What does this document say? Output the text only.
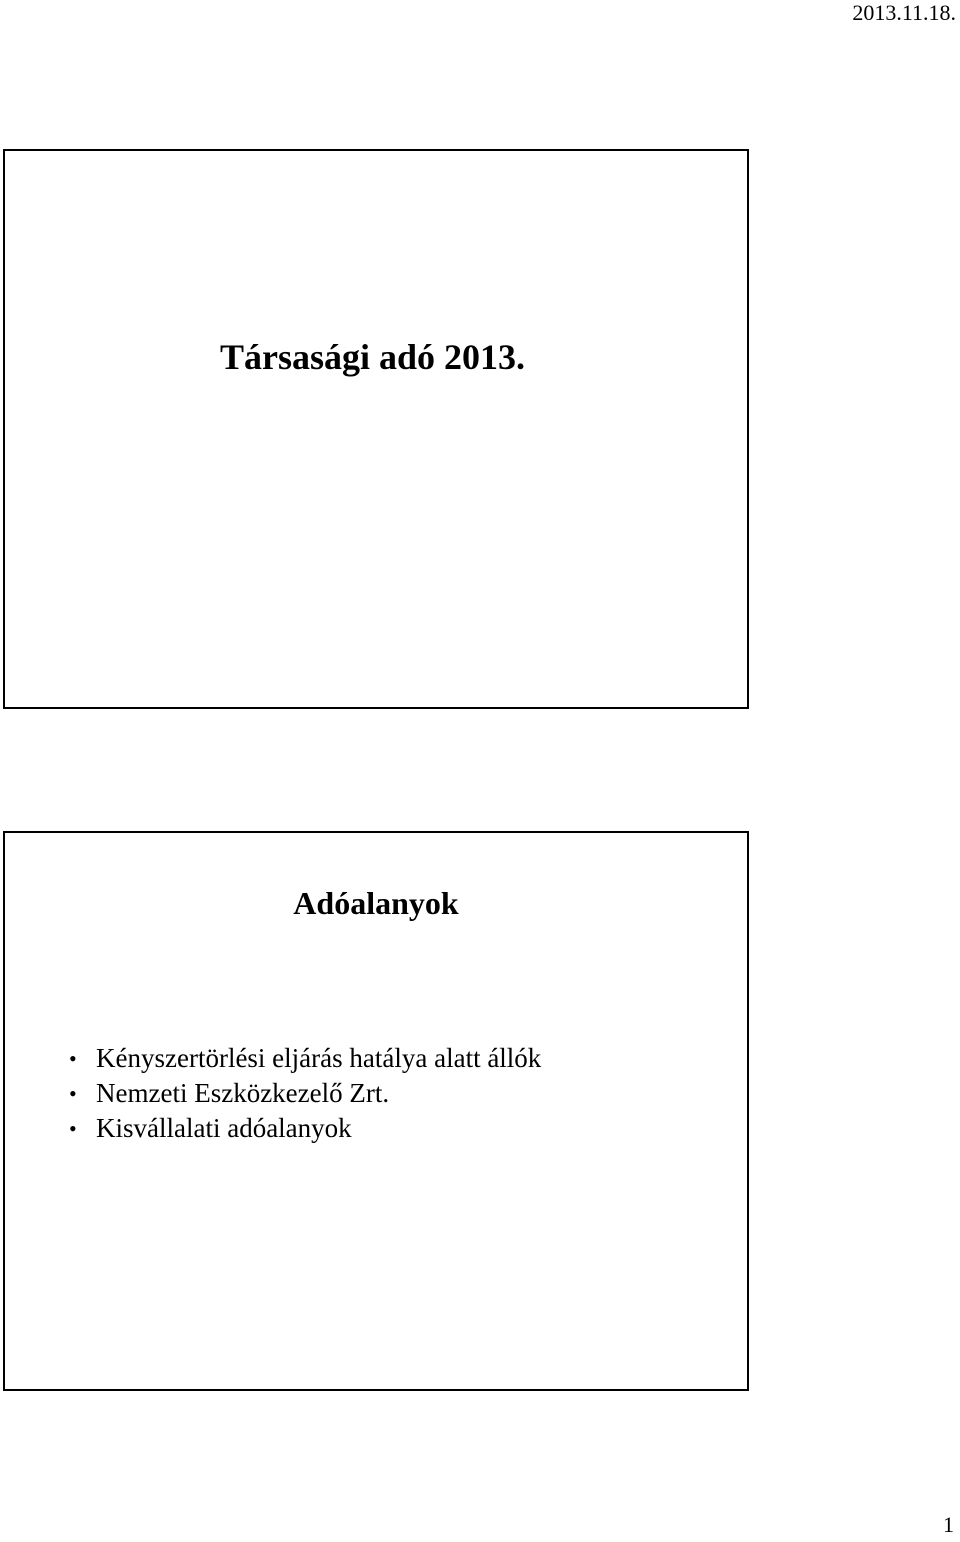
2013.11.18.
Társasági adó 2013.
Adóalanyok
• Kényszertörlési eljárás hatálya alatt állók
• Nemzeti Eszközkezelő Zrt.
• Kisvállalati adóalanyok
1
